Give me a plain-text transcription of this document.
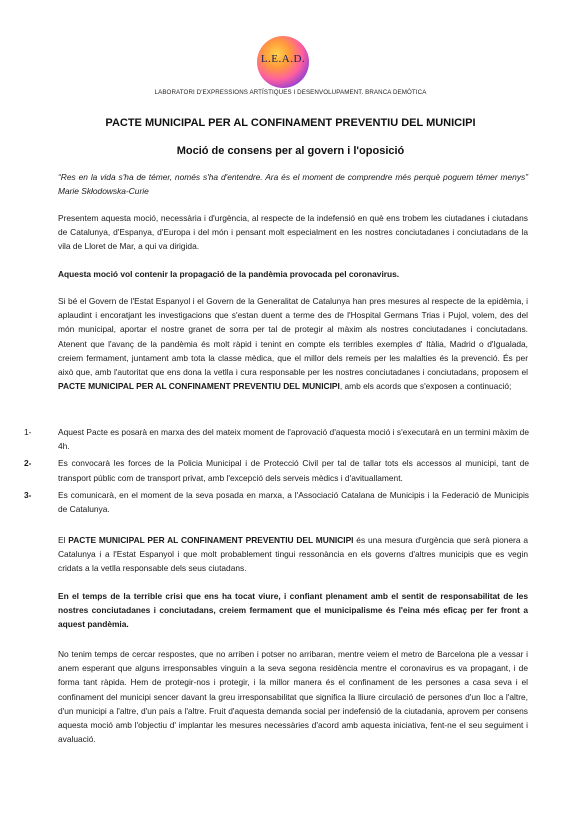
L.E.A.D.
LABORATORI D'EXPRESSIONS ARTÍSTIQUES I DESENVOLUPAMENT. BRANCA DEMÒTICA
PACTE MUNICIPAL PER AL CONFINAMENT PREVENTIU DEL MUNICIPI
Moció de consens per al govern i l'oposició
“Res en la vida s'ha de témer, només s'ha d'entendre. Ara és el moment de comprendre més perquè poguem témer menys” Marie Skłodowska-Curie
Presentem aquesta moció, necessària i d'urgència, al respecte de la indefensió en què ens trobem les ciutadanes i ciutadans de Catalunya, d'Espanya, d'Europa i del món i pensant molt especialment en les nostres conciutadanes i conciutadans de la vila de Lloret de Mar, a qui va dirigida.
Aquesta moció vol contenir la propagació de la pandèmia provocada pel coronavirus.
Si bé el Govern de l'Estat Espanyol i el Govern de la Generalitat de Catalunya han pres mesures al respecte de la epidèmia, i aplaudint i encoratjant les investigacions que s'estan duent a terme des de l'Hospital Germans Trias i Pujol, volem, des del món municipal, aportar el nostre granet de sorra per tal de protegir al màxim als nostres conciutadanes i conciutadans. Atenent que l'avanç de la pandèmia és molt ràpid i tenint en compte els terribles exemples d' Itàlia, Madrid o d'Igualada, creiem fermament, juntament amb tota la classe mèdica, que el millor dels remeis per les malalties és la prevenció. És per això que, amb l'autoritat que ens dona la vetlla i cura responsable per les nostres conciutadanes i conciutadans, proposem el PACTE MUNICIPAL PER AL CONFINAMENT PREVENTIU DEL MUNICIPI, amb els acords que s'exposen a continuació;
1-	Aquest Pacte es posarà en marxa des del mateix moment de l'aprovació d'aquesta moció i s'executarà en un termini màxim de 4h.
2-	Es convocarà les forces de la Policia Municipal i de Protecció Civil per tal de tallar tots els accessos al municipi, tant de transport públic com de transport privat, amb l'excepció dels serveis mèdics i d'avituallament.
3-	Es comunicarà, en el moment de la seva posada en marxa, a l'Associació Catalana de Municipis i la Federació de Municipis de Catalunya.
El PACTE MUNICIPAL PER AL CONFINAMENT PREVENTIU DEL MUNICIPI és una mesura d'urgència que serà pionera a Catalunya i a l'Estat Espanyol i que molt probablement tingui ressonància en els governs d'altres municipis que es vegin cridats a la vetlla responsable dels seus ciutadans.
En el temps de la terrible crisi que ens ha tocat viure, i confiant plenament amb el sentit de responsabilitat de les nostres conciutadanes i conciutadans, creiem fermament que el municipalisme és l'eina més eficaç per fer front a aquest pandèmia.
No tenim temps de cercar respostes, que no arriben i potser no arribaran, mentre veiem el metro de Barcelona ple a vessar i anem esperant que alguns irresponsables vinguin a la seva segona residència mentre el coronavirus es va propagant, i de forma tant ràpida. Hem de protegir-nos i protegir, i la millor manera és el confinament de les persones a casa seva i el confinament del municipi sencer davant la greu irresponsabilitat que significa la lliure circulació de persones d'un lloc a l'altre, d'un municipi a l'altre, d'un país a l'altre. Fruit d'aquesta demanda social per indefensió de la ciutadania, aprovem per consens aquesta moció amb l'objectiu d' implantar les mesures necessàries d'acord amb aquesta iniciativa, fent-ne el seu seguiment i avaluació.
